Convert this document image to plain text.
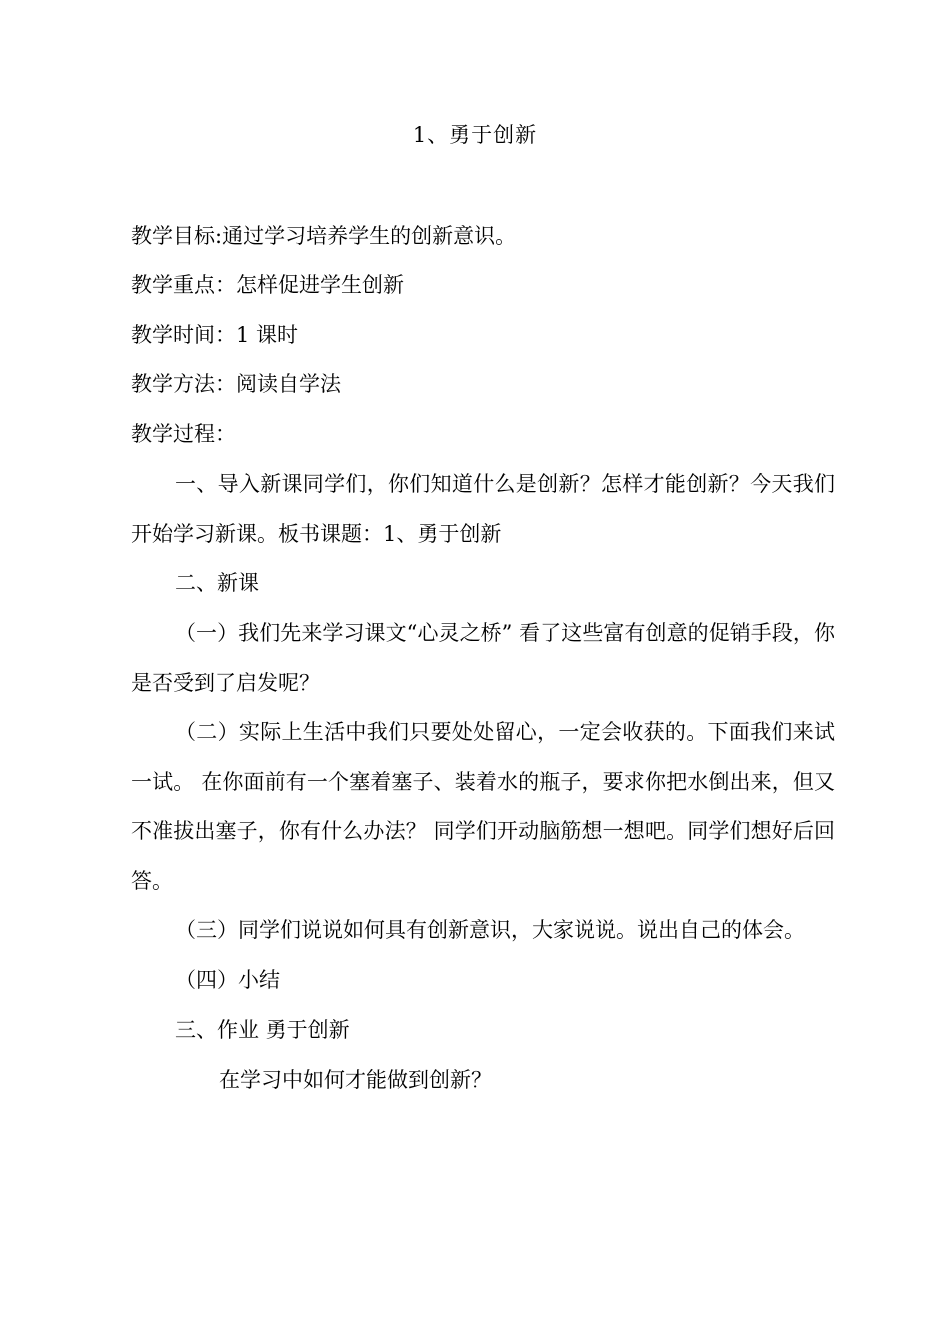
1、勇于创新
教学目标:通过学习培养学生的创新意识。
教学重点：怎样促进学生创新
教学时间：1 课时
教学方法：阅读自学法
教学过程：
一、导入新课同学们，你们知道什么是创新？怎样才能创新？今天我们开始学习新课。板书课题：1、勇于创新
二、新课
（一）我们先来学习课文“心灵之桥” 看了这些富有创意的促销手段，你是否受到了启发呢？
（二）实际上生活中我们只要处处留心，一定会收获的。下面我们来试一试。 在你面前有一个塞着塞子、装着水的瓶子，要求你把水倒出来，但又 不准拔出塞子，你有什么办法？ 同学们开动脑筋想一想吧。同学们想好后回答。
（三）同学们说说如何具有创新意识，大家说说。说出自己的体会。
（四）小结
三、作业 勇于创新
在学习中如何才能做到创新？
